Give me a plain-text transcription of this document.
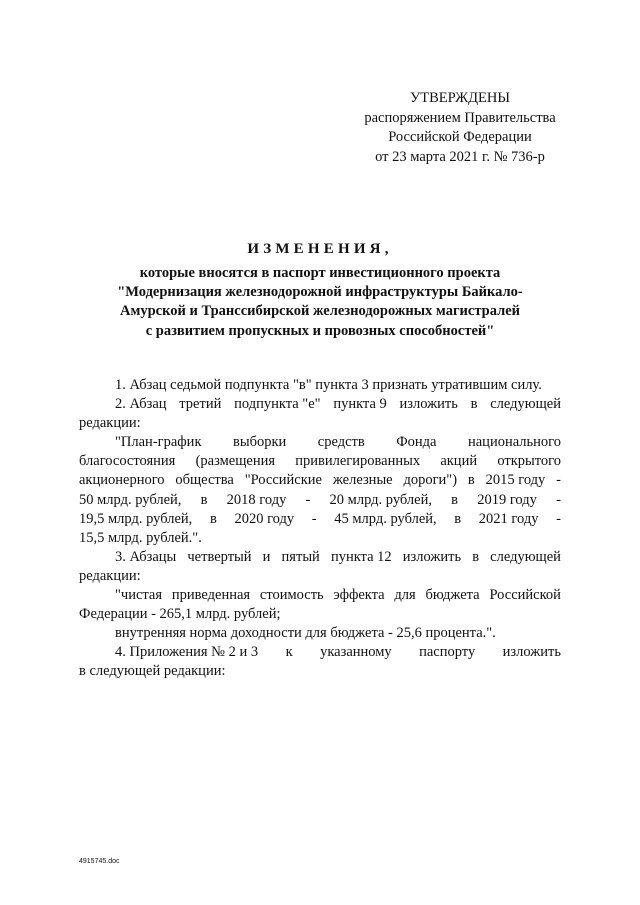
УТВЕРЖДЕНЫ
распоряжением Правительства
Российской Федерации
от 23 марта 2021 г. № 736-р
ИЗМЕНЕНИЯ,
которые вносятся в паспорт инвестиционного проекта
"Модернизация железнодорожной инфраструктуры Байкало-
Амурской и Транссибирской железнодорожных магистралей
с развитием пропускных и провозных способностей"
1. Абзац седьмой подпункта "в" пункта 3 признать утратившим силу.
2. Абзац третий подпункта "е" пункта 9 изложить в следующей
редакции:
"План-график выборки средств Фонда национального
благосостояния (размещения привилегированных акций открытого
акционерного общества "Российские железные дороги") в 2015 году -
50 млрд. рублей, в 2018 году - 20 млрд. рублей, в 2019 году -
19,5 млрд. рублей, в 2020 году - 45 млрд. рублей, в 2021 году -
15,5 млрд. рублей.".
3. Абзацы четвертый и пятый пункта 12 изложить в следующей
редакции:
"чистая приведенная стоимость эффекта для бюджета Российской
Федерации - 265,1 млрд. рублей;
внутренняя норма доходности для бюджета - 25,6 процента.".
4. Приложения № 2 и 3 к указанному паспорту изложить
в следующей редакции:
4915745.doc
